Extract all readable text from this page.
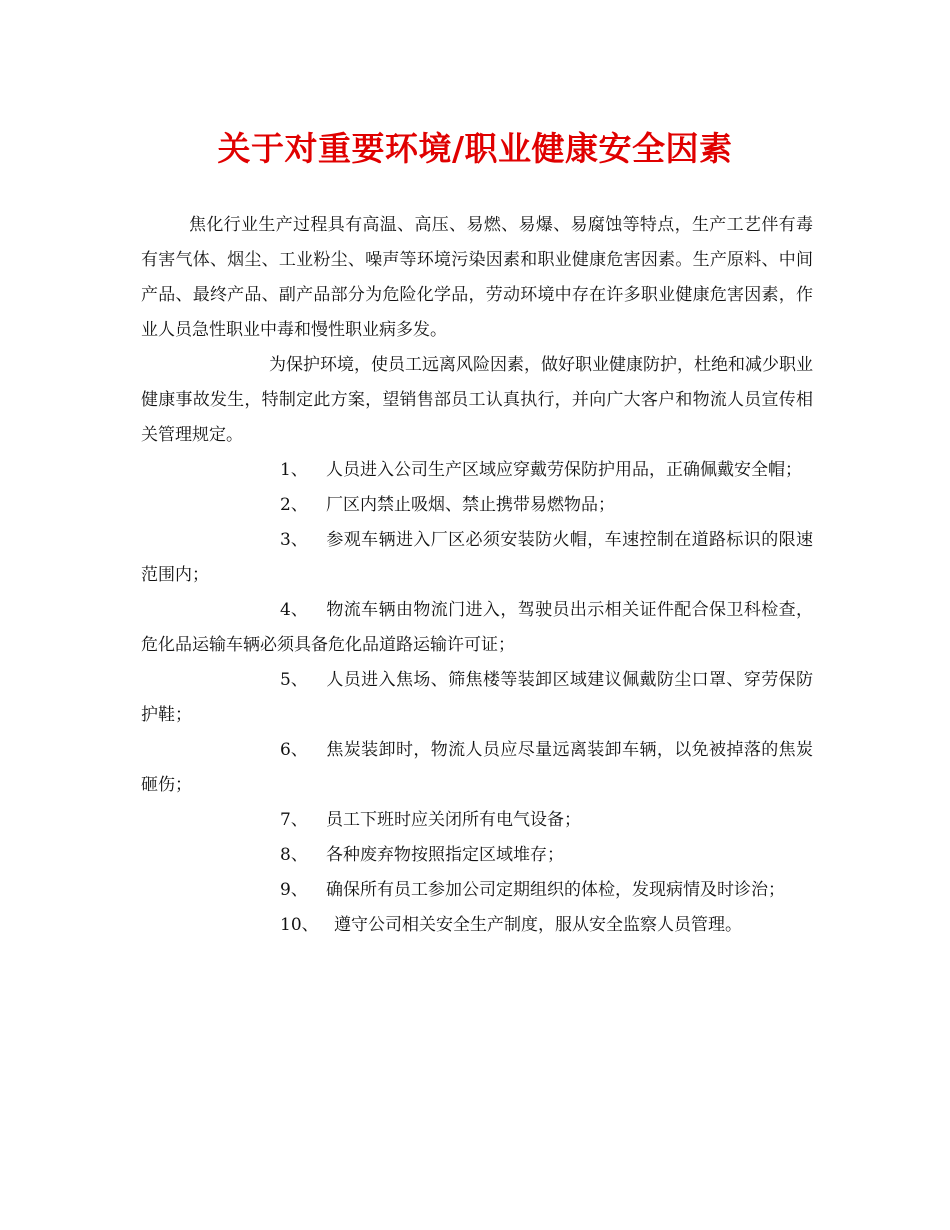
关于对重要环境/职业健康安全因素

焦化行业生产过程具有高温、高压、易燃、易爆、易腐蚀等特点，生产工艺伴有毒有害气体、烟尘、工业粉尘、噪声等环境污染因素和职业健康危害因素。生产原料、中间产品、最终产品、副产品部分为危险化学品，劳动环境中存在许多职业健康危害因素，作业人员急性职业中毒和慢性职业病多发。

为保护环境，使员工远离风险因素，做好职业健康防护，杜绝和减少职业健康事故发生，特制定此方案，望销售部员工认真执行，并向广大客户和物流人员宣传相关管理规定。

1、 人员进入公司生产区域应穿戴劳保防护用品，正确佩戴安全帽；

2、 厂区内禁止吸烟、禁止携带易燃物品；

3、 参观车辆进入厂区必须安装防火帽，车速控制在道路标识的限速范围内；

4、 物流车辆由物流门进入，驾驶员出示相关证件配合保卫科检查，危化品运输车辆必须具备危化品道路运输许可证；

5、 人员进入焦场、筛焦楼等装卸区域建议佩戴防尘口罩、穿劳保防护鞋；

6、 焦炭装卸时，物流人员应尽量远离装卸车辆，以免被掉落的焦炭砸伤；

7、 员工下班时应关闭所有电气设备；

8、 各种废弃物按照指定区域堆存；

9、 确保所有员工参加公司定期组织的体检，发现病情及时诊治；

10、 遵守公司相关安全生产制度，服从安全监察人员管理。
